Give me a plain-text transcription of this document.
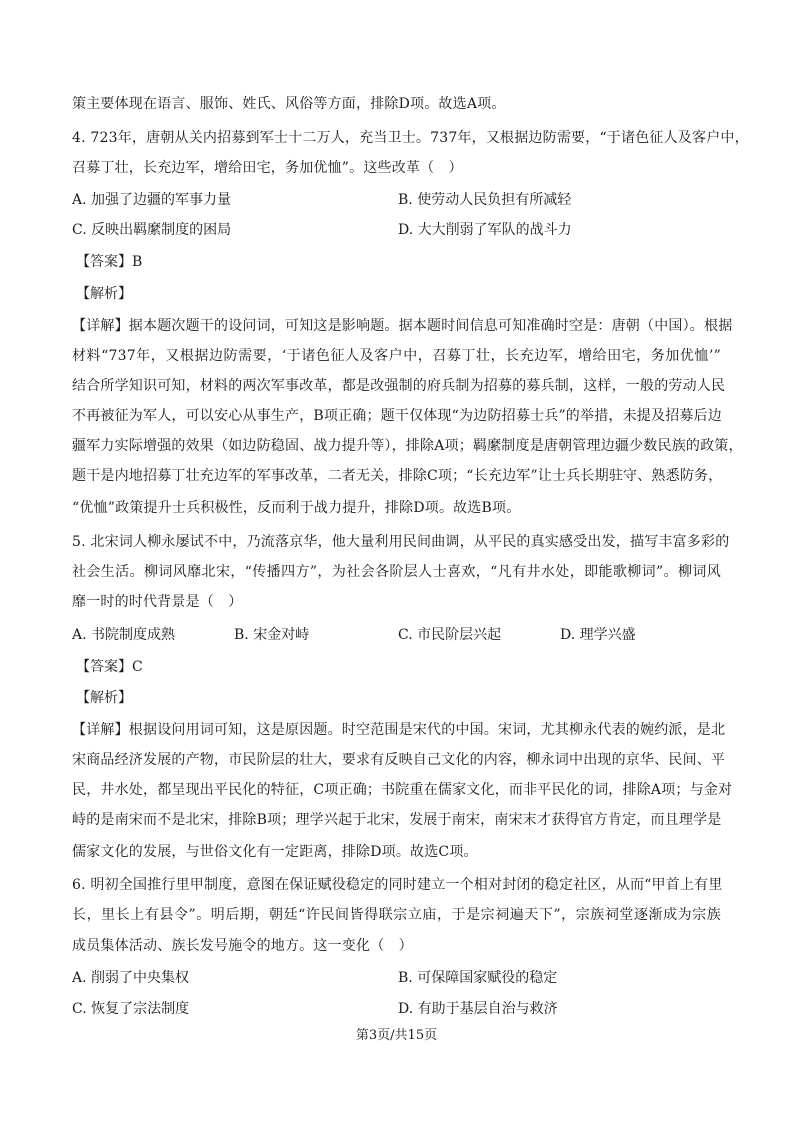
策主要体现在语言、服饰、姓氏、风俗等方面，排除D项。故选A项。
4. 723年，唐朝从关内招募到军士十二万人，充当卫士。737年，又根据边防需要，“于诸色征人及客户中，
召募丁壮，长充边军，增给田宅，务加优恤”。这些改革（　）
A. 加强了边疆的军事力量	B. 使劳动人民负担有所减轻
C. 反映出羁縻制度的困局	D. 大大削弱了军队的战斗力
【答案】B
【解析】
【详解】据本题次题干的设问词，可知这是影响题。据本题时间信息可知准确时空是：唐朝（中国）。根据
材料“737年，又根据边防需要，‘于诸色征人及客户中，召募丁壮，长充边军，增给田宅，务加优恤’”
结合所学知识可知，材料的两次军事改革，都是改强制的府兵制为招募的募兵制，这样，一般的劳动人民
不再被征为军人，可以安心从事生产，B项正确；题干仅体现“为边防招募士兵”的举措，未提及招募后边
疆军力实际增强的效果（如边防稳固、战力提升等），排除A项；羁縻制度是唐朝管理边疆少数民族的政策，
题干是内地招募丁壮充边军的军事改革，二者无关，排除C项；“长充边军”让士兵长期驻守、熟悉防务，
“优恤”政策提升士兵积极性，反而利于战力提升，排除D项。故选B项。
5. 北宋词人柳永屡试不中，乃流落京华，他大量利用民间曲调，从平民的真实感受出发，描写丰富多彩的
社会生活。柳词风靡北宋，“传播四方”，为社会各阶层人士喜欢，“凡有井水处，即能歌柳词”。柳词风
靡一时的时代背景是（　）
A. 书院制度成熟	B. 宋金对峙	C. 市民阶层兴起	D. 理学兴盛
【答案】C
【解析】
【详解】根据设问用词可知，这是原因题。时空范围是宋代的中国。宋词，尤其柳永代表的婉约派，是北
宋商品经济发展的产物，市民阶层的壮大，要求有反映自己文化的内容，柳永词中出现的京华、民间、平
民，井水处，都呈现出平民化的特征，C项正确；书院重在儒家文化，而非平民化的词，排除A项；与金对
峙的是南宋而不是北宋，排除B项；理学兴起于北宋，发展于南宋，南宋末才获得官方肯定，而且理学是
儒家文化的发展，与世俗文化有一定距离，排除D项。故选C项。
6. 明初全国推行里甲制度，意图在保证赋役稳定的同时建立一个相对封闭的稳定社区，从而“甲首上有里
长，里长上有县令”。明后期，朝廷“许民间皆得联宗立庙，于是宗祠遍天下”，宗族祠堂逐渐成为宗族
成员集体活动、族长发号施令的地方。这一变化（　）
A. 削弱了中央集权	B. 可保障国家赋役的稳定
C. 恢复了宗法制度	D. 有助于基层自治与救济
第3页/共15页
